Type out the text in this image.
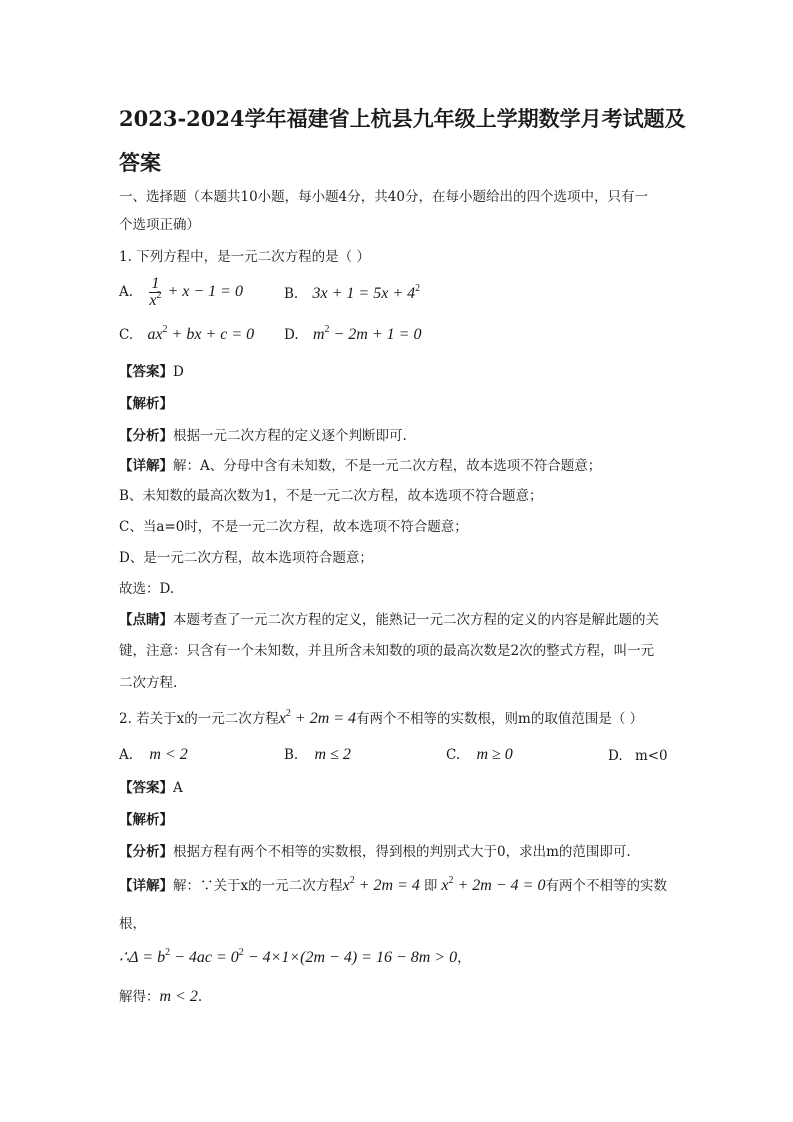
2023-2024学年福建省上杭县九年级上学期数学月考试题及
答案
一、选择题（本题共10小题，每小题4分，共40分，在每小题给出的四个选项中，只有一
个选项正确）
1. 下列方程中，是一元二次方程的是（ ）
A. $\frac{1}{x^2} + x - 1 = 0$	B. $3x + 1 = 5x + 4^2$
C. $ax^2$ + bx + c = 0 D. $m^2 - 2m + 1 = 0$
【答案】D
【解析】
【分析】根据一元二次方程的定义逐个判断即可.
【详解】解：A、分母中含有未知数，不是一元二次方程，故本选项不符合题意；
B、未知数的最高次数为1，不是一元二次方程，故本选项不符合题意；
C、当a=0时，不是一元二次方程，故本选项不符合题意；
D、是一元二次方程，故本选项符合题意；
故选：D.
【点睛】本题考查了一元二次方程的定义，能熟记一元二次方程的定义的内容是解此题的关
键，注意：只含有一个未知数，并且所含未知数的项的最高次数是2次的整式方程，叫一元
二次方程.
2. 若关于x的一元二次方程$x^2 + 2m = 4$有两个不相等的实数根，则m的取值范围是（ ）
A. m < 2	B. m ≤ 2	C. m ≥ 0	D. m<0
【答案】A
【解析】
【分析】根据方程有两个不相等的实数根，得到根的判别式大于0，求出m的范围即可.
【详解】解：∵关于x的一元二次方程$x^2 + 2m = 4$ 即 $x^2 + 2m - 4 = 0$有两个不相等的实数
根，
∴Δ = $b^2 - 4ac = 0^2 - 4\times 1\times(2m - 4) = 16 - 8m > 0$，
解得：m < 2.
